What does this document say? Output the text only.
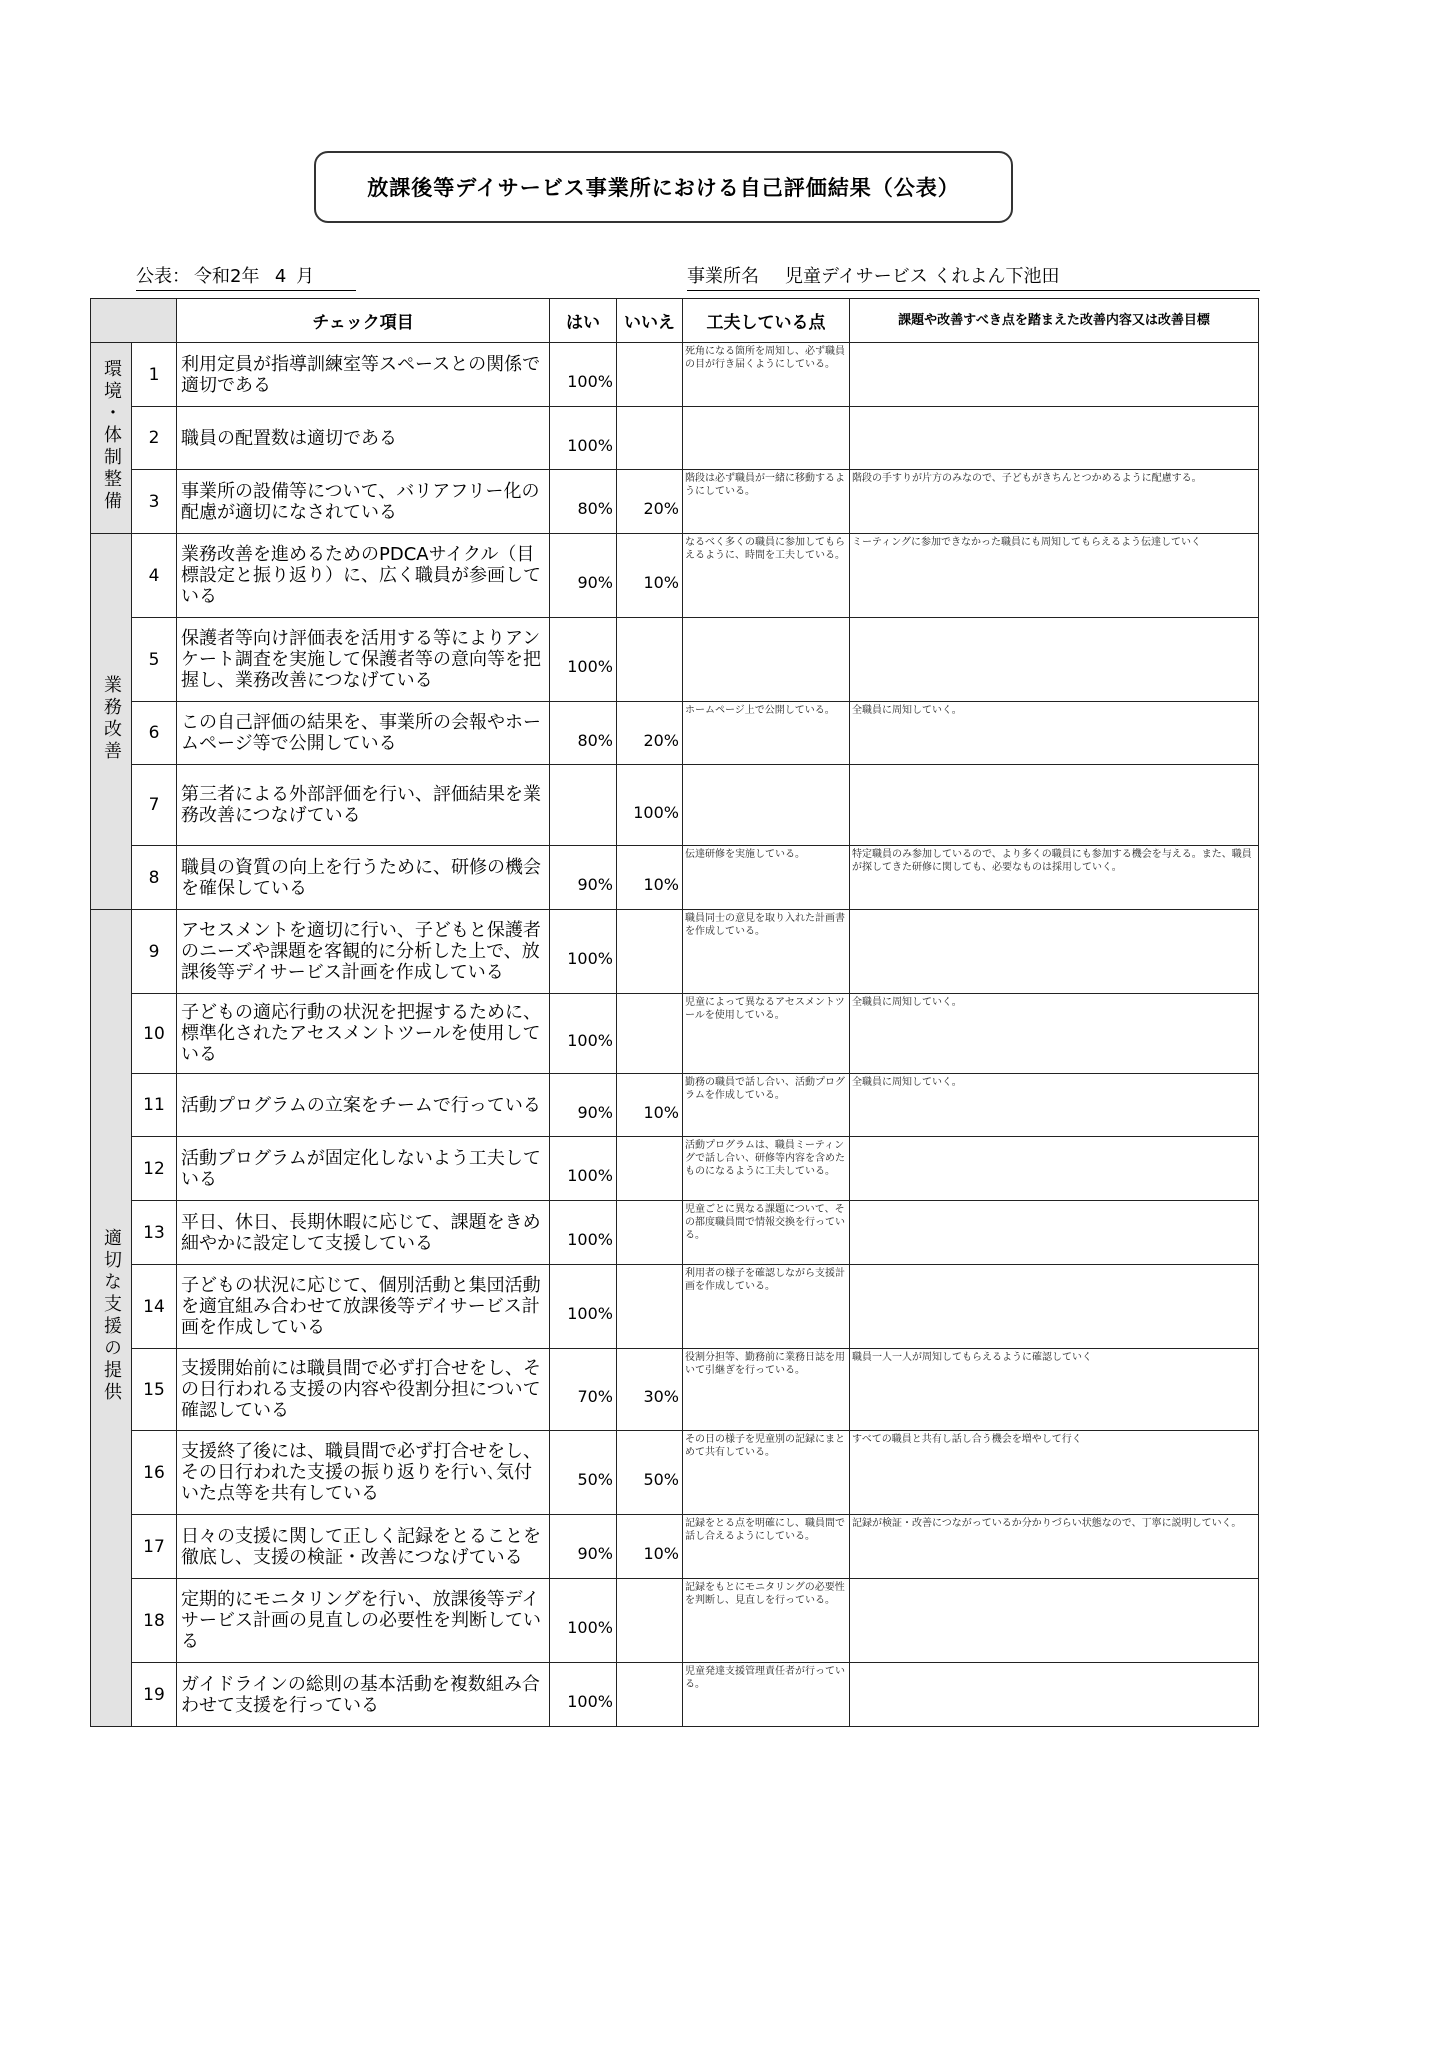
放課後等デイサービス事業所における自己評価結果（公表）
公表： 令和2年 4 月	事業所名 児童デイサービス くれよん下池田
		チェック項目	はい	いいえ	工夫している点	課題や改善すべき点を踏まえた改善内容又は改善目標
環境・体制整備	1	利用定員が指導訓練室等スペースとの関係で適切である	100%		死角になる箇所を周知し、必ず職員の目が行き届くようにしている。	
	2	職員の配置数は適切である	100%			
	3	事業所の設備等について、バリアフリー化の配慮が適切になされている	80%	20%	階段は必ず職員が一緒に移動するようにしている。	階段の手すりが片方のみなので、子どもがきちんとつかめるように配慮する。
業務改善	4	業務改善を進めるためのPDCAサイクル（目標設定と振り返り）に、広く職員が参画している	90%	10%	なるべく多くの職員に参加してもらえるように、時間を工夫している。	ミーティングに参加できなかった職員にも周知してもらえるよう伝達していく
	5	保護者等向け評価表を活用する等によりアンケート調査を実施して保護者等の意向等を把握し、業務改善につなげている	100%			
	6	この自己評価の結果を、事業所の会報やホームページ等で公開している	80%	20%	ホームページ上で公開している。	全職員に周知していく。
	7	第三者による外部評価を行い、評価結果を業務改善につなげている		100%		
	8	職員の資質の向上を行うために、研修の機会を確保している	90%	10%	伝達研修を実施している。	特定職員のみ参加しているので、より多くの職員にも参加する機会を与える。また、職員が探してきた研修に関しても、必要なものは採用していく。
適切な支援の提供	9	アセスメントを適切に行い、子どもと保護者のニーズや課題を客観的に分析した上で、放課後等デイサービス計画を作成している	100%		職員同士の意見を取り入れた計画書を作成している。	
	10	子どもの適応行動の状況を把握するために、標準化されたアセスメントツールを使用している	100%		児童によって異なるアセスメントツールを使用している。	全職員に周知していく。
	11	活動プログラムの立案をチームで行っている	90%	10%	勤務の職員で話し合い、活動プログラムを作成している。	全職員に周知していく。
	12	活動プログラムが固定化しないよう工夫している	100%		活動プログラムは、職員ミーティングで話し合い、研修等内容を含めたものになるように工夫している。	
	13	平日、休日、長期休暇に応じて、課題をきめ細やかに設定して支援している	100%		児童ごとに異なる課題について、その都度職員間で情報交換を行っている。	
	14	子どもの状況に応じて、個別活動と集団活動を適宜組み合わせて放課後等デイサービス計画を作成している	100%		利用者の様子を確認しながら支援計画を作成している。	
	15	支援開始前には職員間で必ず打合せをし、その日行われる支援の内容や役割分担について確認している	70%	30%	役割分担等、勤務前に業務日誌を用いて引継ぎを行っている。	職員一人一人が周知してもらえるように確認していく
	16	支援終了後には、職員間で必ず打合せをし、その日行われた支援の振り返りを行い､気付いた点等を共有している	50%	50%	その日の様子を児童別の記録にまとめて共有している。	すべての職員と共有し話し合う機会を増やして行く
	17	日々の支援に関して正しく記録をとることを徹底し、支援の検証・改善につなげている	90%	10%	記録をとる点を明確にし、職員間で話し合えるようにしている。	記録が検証・改善につながっているか分かりづらい状態なので、丁寧に説明していく。
	18	定期的にモニタリングを行い、放課後等デイサービス計画の見直しの必要性を判断している	100%		記録をもとにモニタリングの必要性を判断し、見直しを行っている。	
	19	ガイドラインの総則の基本活動を複数組み合わせて支援を行っている	100%		児童発達支援管理責任者が行っている。	
